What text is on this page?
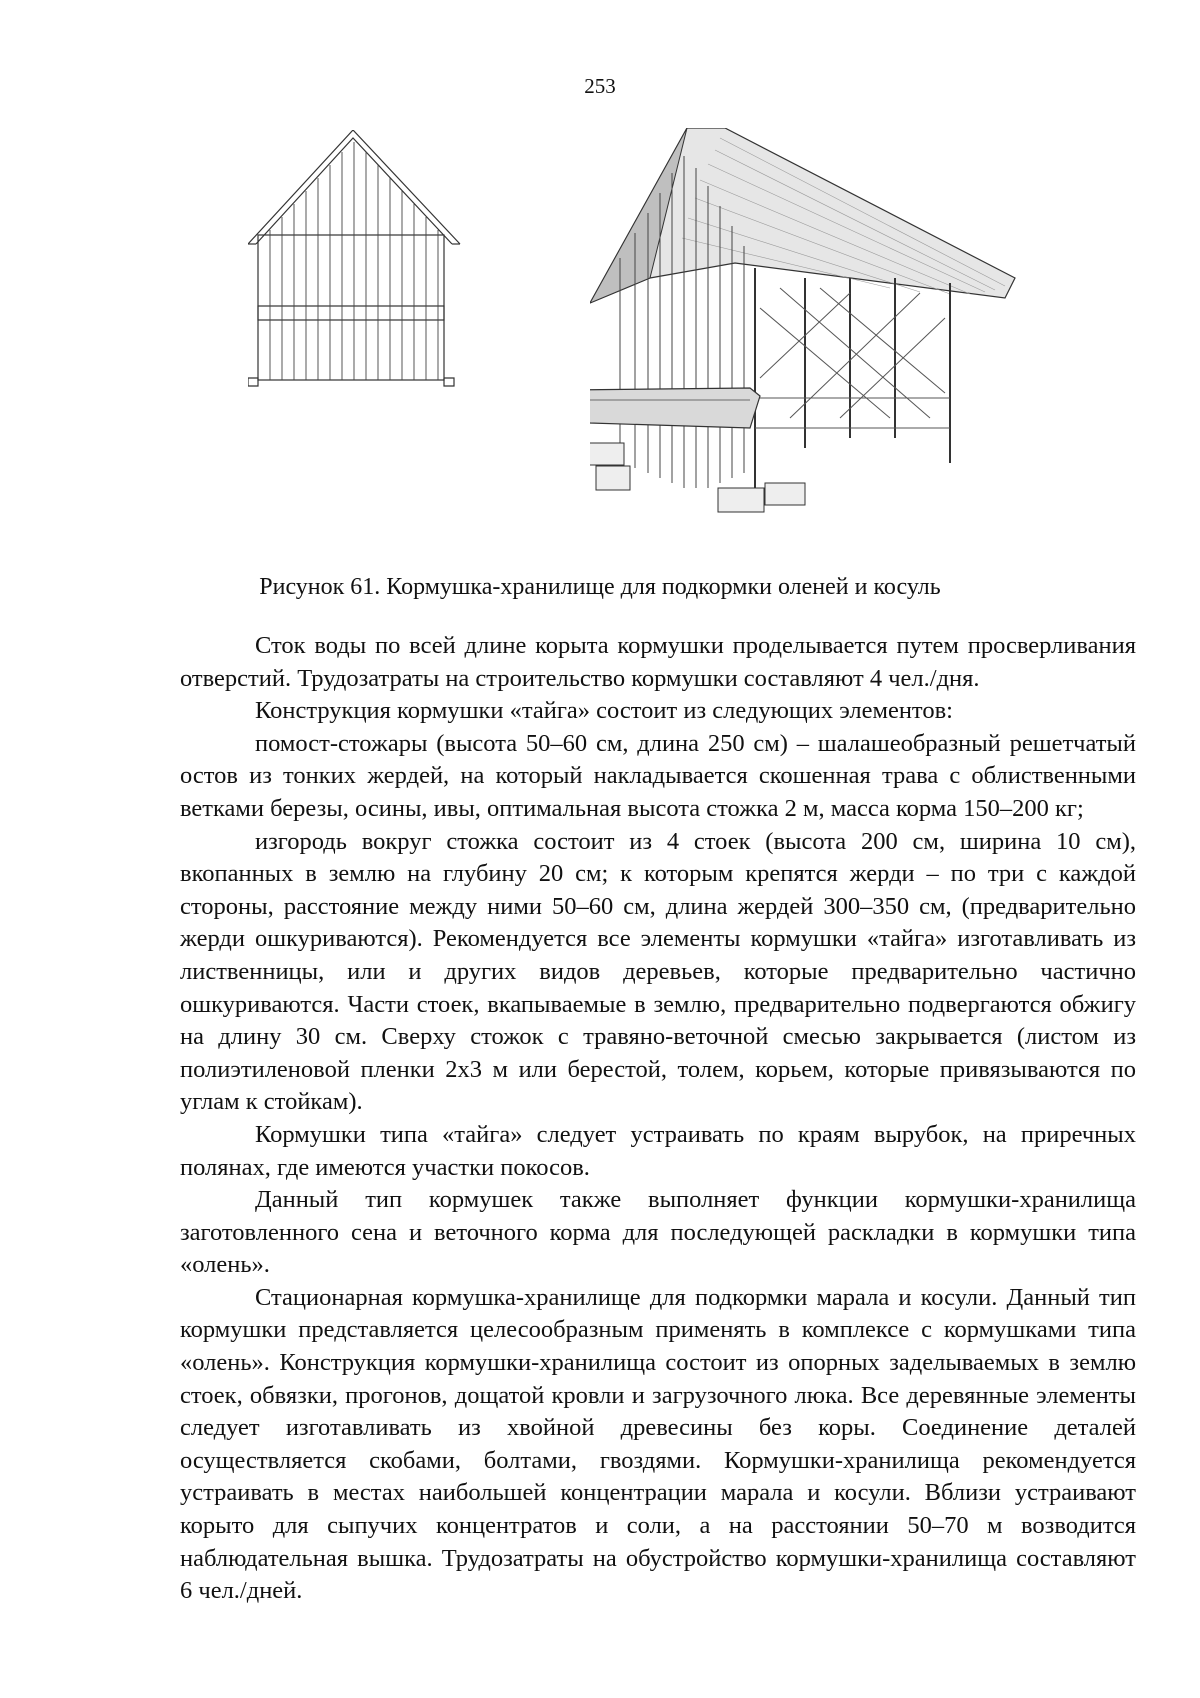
253
Рисунок 61. Кормушка-хранилище для подкормки оленей и косуль

Сток воды по всей длине корыта кормушки проделывается путем просверливания отверстий. Трудозатраты на строительство кормушки составляют 4 чел./дня.

Конструкция кормушки «тайга» состоит из следующих элементов:

помост-стожары (высота 50–60 см, длина 250 см) – шалашеобразный решетчатый остов из тонких жердей, на который накладывается скошенная трава с облиственными ветками березы, осины, ивы, оптимальная высота стожка 2 м, масса корма 150–200 кг;

изгородь вокруг стожка состоит из 4 стоек (высота 200 см, ширина 10 см), вкопанных в землю на глубину 20 см; к которым крепятся жерди – по три с каждой стороны, расстояние между ними 50–60 см, длина жердей 300–350 см, (предварительно жерди ошкуриваются). Рекомендуется все элементы кормушки «тайга» изготавливать из лиственницы, или и других видов деревьев, которые предварительно частично ошкуриваются. Части стоек, вкапываемые в землю, предварительно подвергаются обжигу на длину 30 см. Сверху стожок с травяно-веточной смесью закрывается (листом из полиэтиленовой пленки 2х3 м или берестой, толем, корьем, которые привязываются по углам к стойкам).

Кормушки типа «тайга» следует устраивать по краям вырубок, на приречных полянах, где имеются участки покосов.

Данный тип кормушек также выполняет функции кормушки-хранилища заготовленного сена и веточного корма для последующей раскладки в кормушки типа «олень».

Стационарная кормушка-хранилище для подкормки марала и косули. Данный тип кормушки представляется целесообразным применять в комплексе с кормушками типа «олень». Конструкция кормушки-хранилища состоит из опорных заделываемых в землю стоек, обвязки, прогонов, дощатой кровли и загрузочного люка. Все деревянные элементы следует изготавливать из хвойной древесины без коры. Соединение деталей осуществляется скобами, болтами, гвоздями. Кормушки-хранилища рекомендуется устраивать в местах наибольшей концентрации марала и косули. Вблизи устраивают корыто для сыпучих концентратов и соли, а на расстоянии 50–70 м возводится наблюдательная вышка. Трудозатраты на обустройство кормушки-хранилища составляют 6 чел./дней.
